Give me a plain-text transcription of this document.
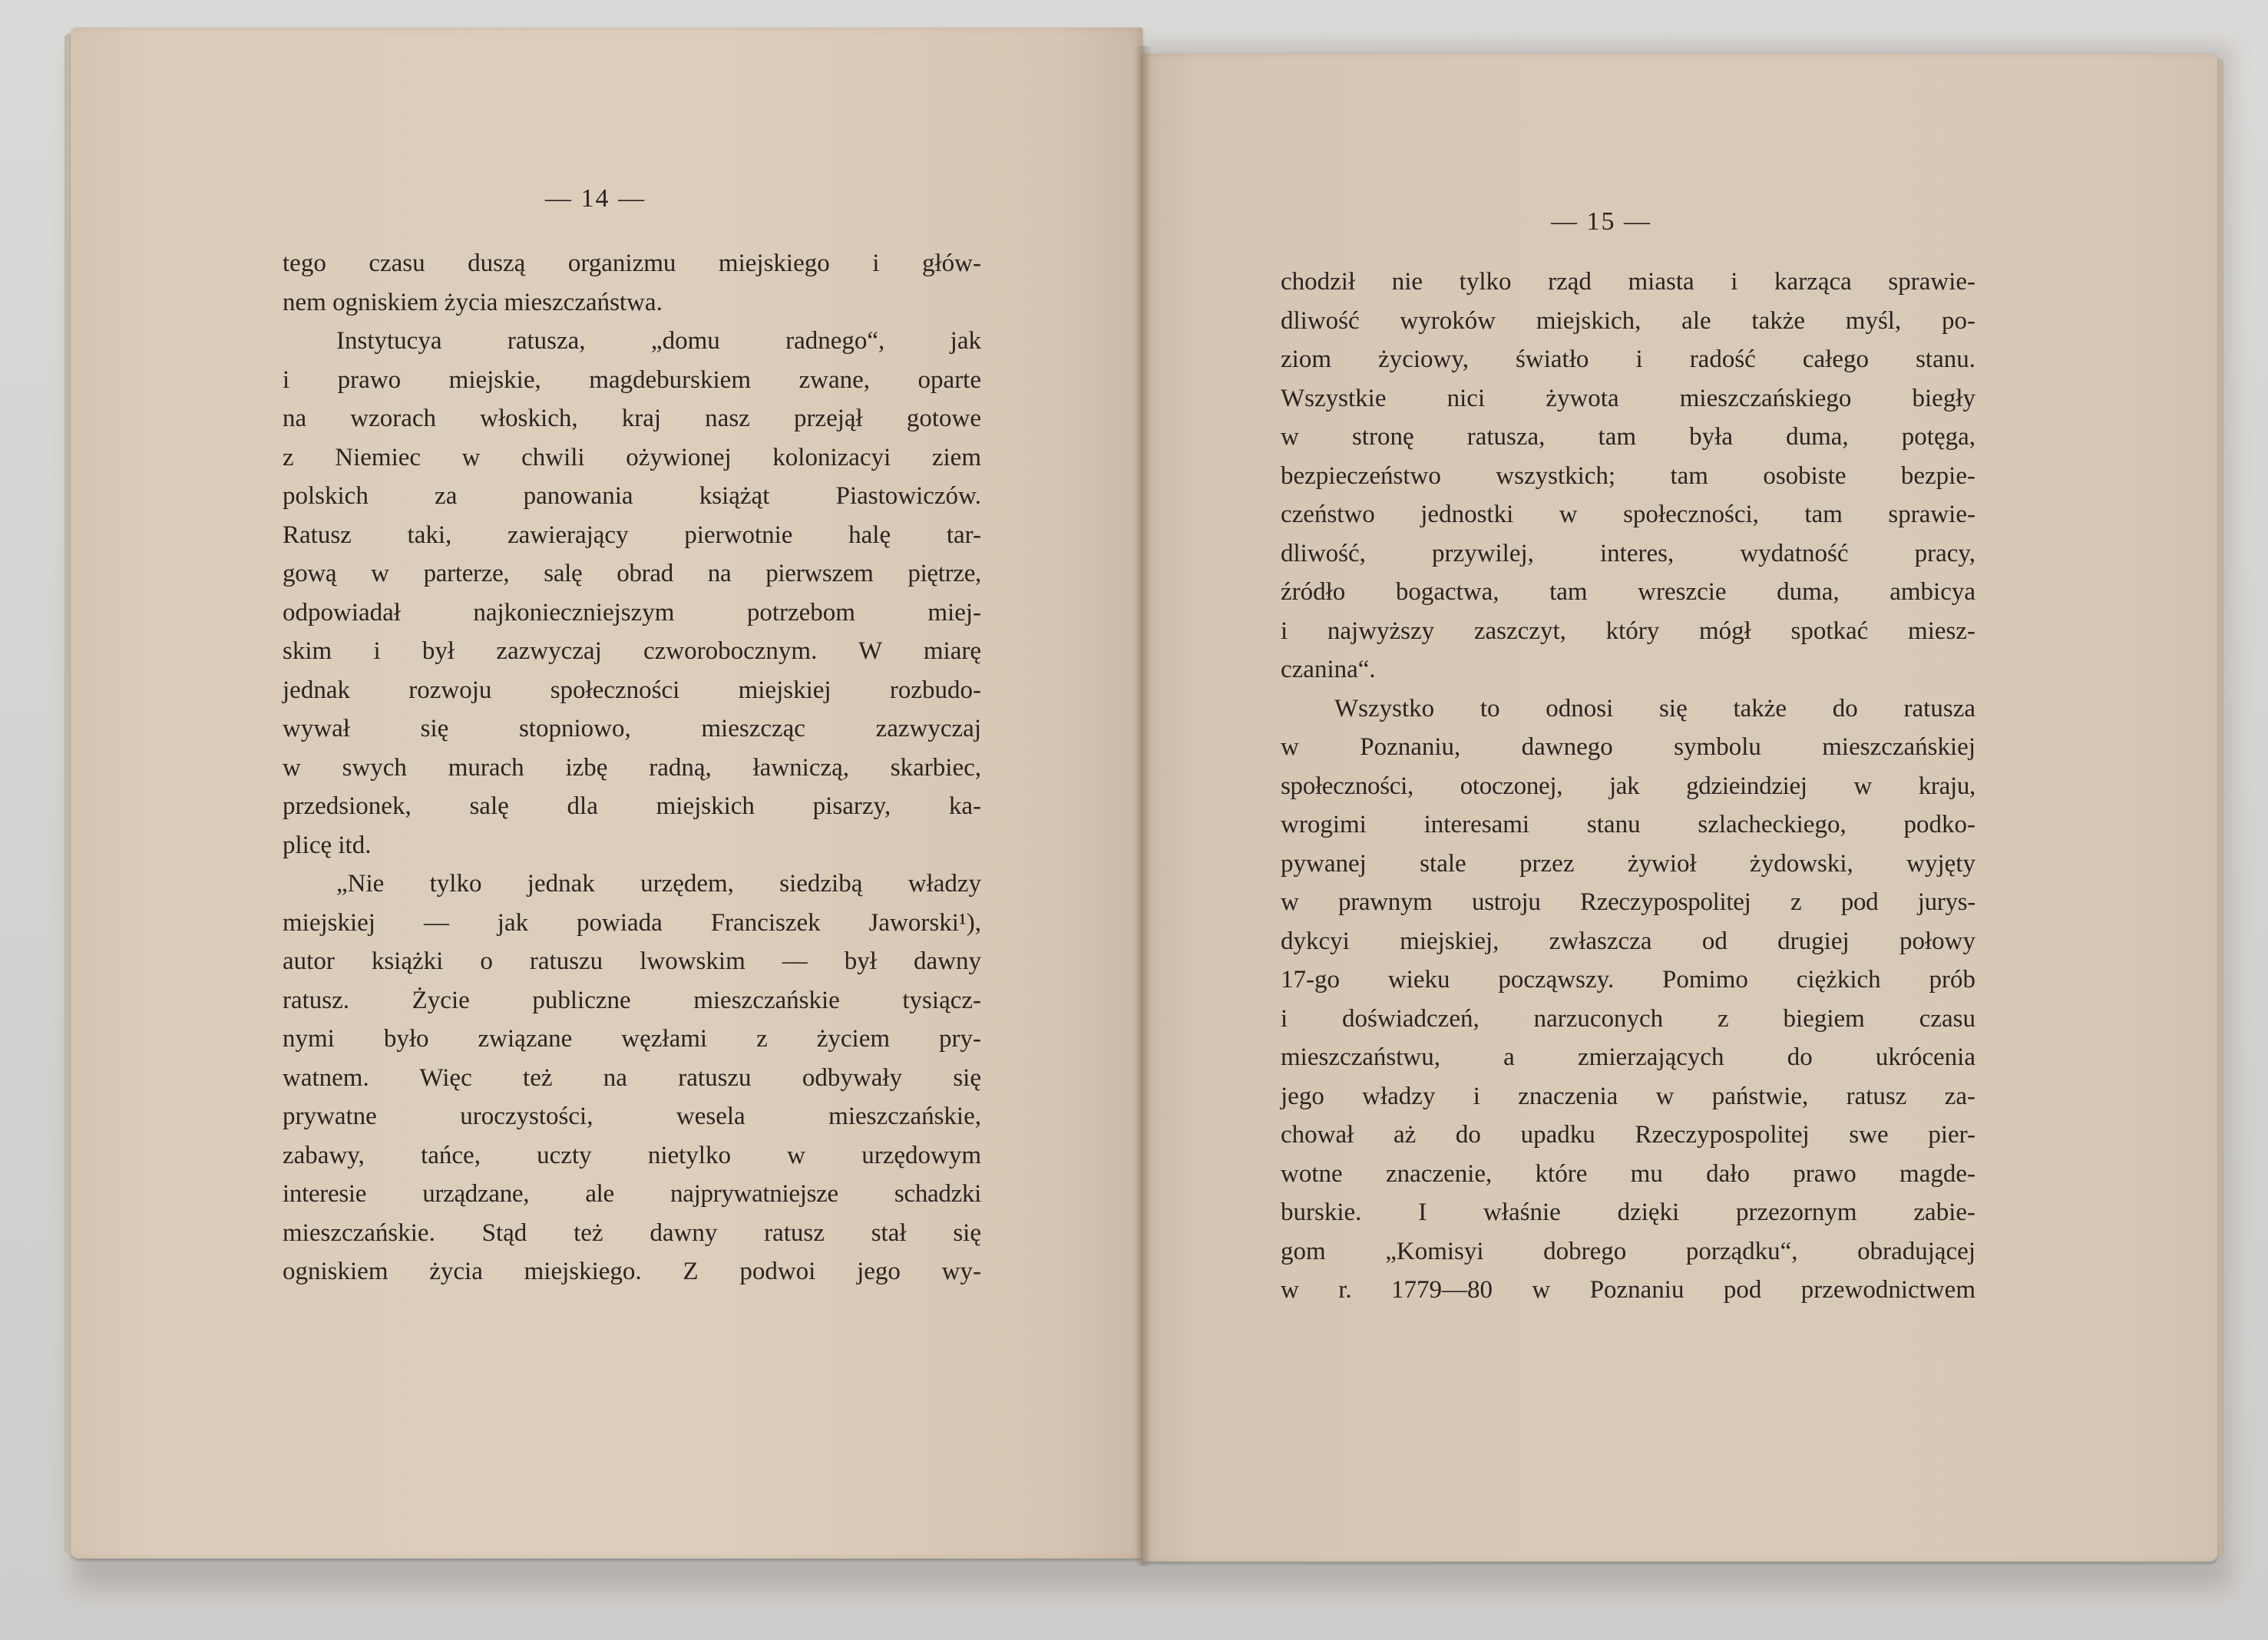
— 14 —
— 15 —
tego czasu duszą organizmu miejskiego i głów-
nem ogniskiem życia mieszczaństwa.
Instytucya ratusza, „domu radnego“, jak
i prawo miejskie, magdeburskiem zwane, oparte
na wzorach włoskich, kraj nasz przejął gotowe
z Niemiec w chwili ożywionej kolonizacyi ziem
polskich za panowania książąt Piastowiczów.
Ratusz taki, zawierający pierwotnie halę tar-
gową w parterze, salę obrad na pierwszem piętrze,
odpowiadał najkonieczniejszym potrzebom miej-
skim i był zazwyczaj czworobocznym. W miarę
jednak rozwoju społeczności miejskiej rozbudo-
wywał się stopniowo, mieszcząc zazwyczaj
w swych murach izbę radną, ławniczą, skarbiec,
przedsionek, salę dla miejskich pisarzy, ka-
plicę itd.
„Nie tylko jednak urzędem, siedzibą władzy
miejskiej — jak powiada Franciszek Jaworski¹),
autor książki o ratuszu lwowskim — był dawny
ratusz. Życie publiczne mieszczańskie tysiącz-
nymi było związane węzłami z życiem pry-
watnem. Więc też na ratuszu odbywały się
prywatne uroczystości, wesela mieszczańskie,
zabawy, tańce, uczty nietylko w urzędowym
interesie urządzane, ale najprywatniejsze schadzki
mieszczańskie. Stąd też dawny ratusz stał się
ogniskiem życia miejskiego. Z podwoi jego wy-
chodził nie tylko rząd miasta i karząca sprawie-
dliwość wyroków miejskich, ale także myśl, po-
ziom życiowy, światło i radość całego stanu.
Wszystkie nici żywota mieszczańskiego biegły
w stronę ratusza, tam była duma, potęga,
bezpieczeństwo wszystkich; tam osobiste bezpie-
czeństwo jednostki w społeczności, tam sprawie-
dliwość, przywilej, interes, wydatność pracy,
źródło bogactwa, tam wreszcie duma, ambicya
i najwyższy zaszczyt, który mógł spotkać miesz-
czanina“.
Wszystko to odnosi się także do ratusza
w Poznaniu, dawnego symbolu mieszczańskiej
społeczności, otoczonej, jak gdzieindziej w kraju,
wrogimi interesami stanu szlacheckiego, podko-
pywanej stale przez żywioł żydowski, wyjęty
w prawnym ustroju Rzeczypospolitej z pod jurys-
dykcyi miejskiej, zwłaszcza od drugiej połowy
17-go wieku począwszy. Pomimo ciężkich prób
i doświadczeń, narzuconych z biegiem czasu
mieszczaństwu, a zmierzających do ukrócenia
jego władzy i znaczenia w państwie, ratusz za-
chował aż do upadku Rzeczypospolitej swe pier-
wotne znaczenie, które mu dało prawo magde-
burskie. I właśnie dzięki przezornym zabie-
gom „Komisyi dobrego porządku“, obradującej
w r. 1779—80 w Poznaniu pod przewodnictwem
